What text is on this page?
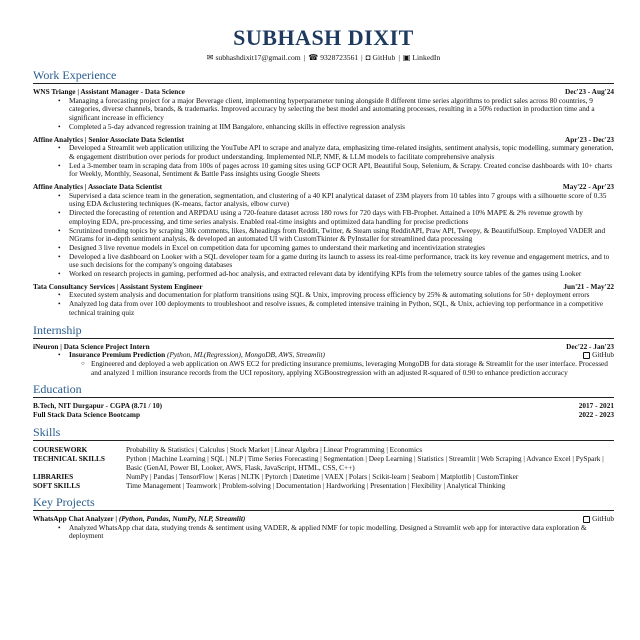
SUBHASH DIXIT
✉ subhashdixit17@gmail.com | ☎ 9328723561 | ◘ GitHub | ▣ LinkedIn
Work Experience
WNS Triange | Assistant Manager - Data Science	Dec'23 - Aug'24
• Managing a forecasting project for a major Beverage client, implementing hyperparameter tuning alongside 8 different time series algorithms to predict sales across 80 countries, 9 categories, diverse channels, brands, & trademarks. Improved accuracy by selecting the best model and automating processes, resulting in a 50% reduction in production time and a significant increase in efficiency
• Completed a 5-day advanced regression training at IIM Bangalore, enhancing skills in effective regression analysis
Affine Analytics | Senior Associate Data Scientist	Apr'23 - Dec'23
• Developed a Streamlit web application utilizing the YouTube API to scrape and analyze data, emphasizing time-related insights, sentiment analysis, topic modelling, summary generation, & engagement distribution over periods for product understanding. Implemented NLP, NMF, & LLM models to facilitate comprehensive analysis
• Led a 3-member team in scraping data from 100s of pages across 10 gaming sites using GCP OCR API, Beautiful Soup, Selenium, & Scrapy. Created concise dashboards with 10+ charts for Weekly, Monthly, Seasonal, Sentiment & Battle Pass insights using Google Sheets
Affine Analytics | Associate Data Scientist	May'22 - Apr'23
• Supervised a data science team in the generation, segmentation, and clustering of a 40 KPI analytical dataset of 23M players from 10 tables into 7 groups with a silhouette score of 0.35 using EDA &clustering techniques (K-means, factor analysis, elbow curve)
• Directed the forecasting of retention and ARPDAU using a 720-feature dataset across 180 rows for 720 days with FB-Prophet. Attained a 10% MAPE & 2% revenue growth by employing EDA, pre-processing, and time series analysis. Enabled real-time insights and optimized data handling for precise predictions
• Scrutinized trending topics by scraping 30k comments, likes, &headings from Reddit, Twitter, & Steam using RedditAPI, Praw API, Tweepy, & BeautifulSoup. Employed VADER and NGrams for in-depth sentiment analysis, & developed an automated UI with CustomTkinter & PyInstaller for streamlined data processing
• Designed 3 live revenue models in Excel on competition data for upcoming games to understand their marketing and incentivization strategies
• Developed a live dashboard on Looker with a SQL developer team for a game during its launch to assess its real-time performance, track its key revenue and engagement metrics, and to use such decisions for the company's ongoing databases
• Worked on research projects in gaming, performed ad-hoc analysis, and extracted relevant data by identifying KPIs from the telemetry source tables of the games using Looker
Tata Consultancy Services | Assistant System Engineer	Jun'21 - May'22
• Executed system analysis and documentation for platform transitions using SQL & Unix, improving process efficiency by 25% & automating solutions for 50+ deployment errors
• Analyzed log data from over 100 deployments to troubleshoot and resolve issues, & completed intensive training in Python, SQL, & Unix, achieving top performance in a competitive technical training quiz
Internship
iNeuron | Data Science Project Intern	Dec'22 - Jan'23
• Insurance Premium Prediction (Python, ML(Regression), MongoDB, AWS, Streamlit)	GitHub
○ Engineered and deployed a web application on AWS EC2 for predicting insurance premiums, leveraging MongoDB for data storage & Streamlit for the user interface. Processed and analyzed 1 million insurance records from the UCI repository, applying XGBoostregression with an adjusted R-squared of 0.90 to enhance prediction accuracy
Education
B.Tech, NIT Durgapur - CGPA (8.71 / 10)	2017 - 2021
Full Stack Data Science Bootcamp	2022 - 2023
Skills
COURSEWORK	Probability & Statistics | Calculus | Stock Market | Linear Algebra | Linear Programming | Economics
TECHNICAL SKILLS	Python | Machine Learning | SQL | NLP | Time Series Forecasting | Segmentation | Deep Learning | Statistics | Streamlit | Web Scraping | Advance Excel | PySpark | Basic (GenAI, Power BI, Looker, AWS, Flask, JavaScript, HTML, CSS, C++)
LIBRARIES	NumPy | Pandas | TensorFlow | Keras | NLTK | Pytorch | Datetime | VAEX | Polars | Scikit-learn | Seaborn | Matplotlib | CustomTinker
SOFT SKILLS	Time Management | Teamwork | Problem-solving | Documentation | Hardworking | Presentation | Flexibility | Analytical Thinking
Key Projects
WhatsApp Chat Analyzer | (Python, Pandas, NumPy, NLP, Streamlit)	GitHub
• Analyzed WhatsApp chat data, studying trends & sentiment using VADER, & applied NMF for topic modelling. Designed a Streamlit web app for interactive data exploration & deployment
